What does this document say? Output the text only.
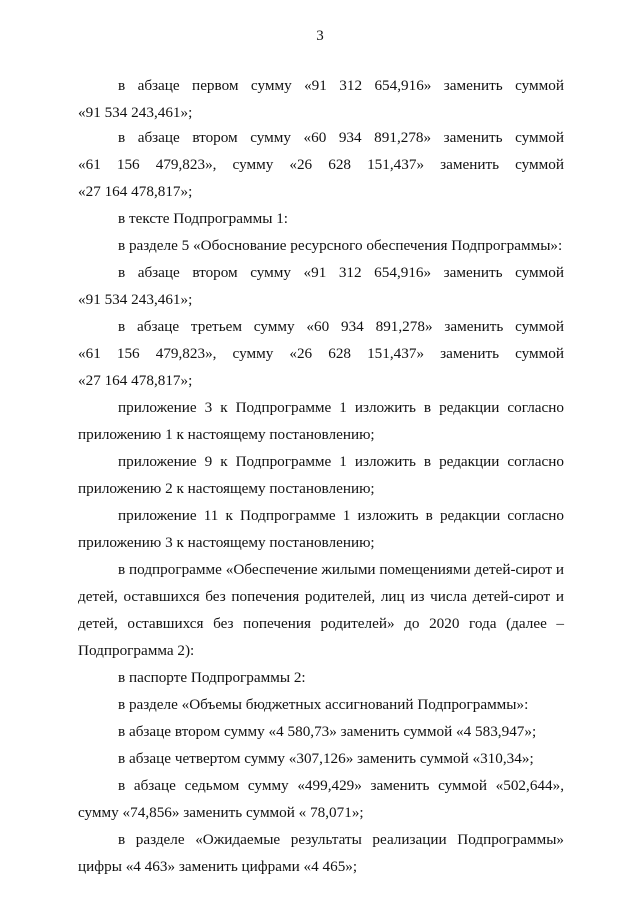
3
в абзаце первом сумму «91 312 654,916» заменить суммой
«91 534 243,461»;
в абзаце втором сумму «60 934 891,278» заменить суммой
«61 156 479,823», сумму «26 628 151,437» заменить суммой
«27 164 478,817»;
в тексте Подпрограммы 1:
в разделе 5 «Обоснование ресурсного обеспечения Подпрограммы»:
в абзаце втором сумму «91 312 654,916» заменить суммой
«91 534 243,461»;
в абзаце третьем сумму «60 934 891,278» заменить суммой
«61 156 479,823», сумму «26 628 151,437» заменить суммой
«27 164 478,817»;
приложение 3 к Подпрограмме 1 изложить в редакции согласно
приложению 1 к настоящему постановлению;
приложение 9 к Подпрограмме 1 изложить в редакции согласно
приложению 2 к настоящему постановлению;
приложение 11 к Подпрограмме 1 изложить в редакции согласно
приложению 3 к настоящему постановлению;
в подпрограмме «Обеспечение жилыми помещениями детей-сирот и
детей, оставшихся без попечения родителей, лиц из числа детей-сирот и
детей, оставшихся без попечения родителей» до 2020 года (далее –
Подпрограмма 2):
в паспорте Подпрограммы 2:
в разделе «Объемы бюджетных ассигнований Подпрограммы»:
в абзаце втором сумму «4 580,73» заменить суммой «4 583,947»;
в абзаце четвертом сумму «307,126» заменить суммой «310,34»;
в абзаце седьмом сумму «499,429» заменить суммой «502,644»,
сумму «74,856» заменить суммой « 78,071»;
в разделе «Ожидаемые результаты реализации Подпрограммы»
цифры «4 463» заменить цифрами «4 465»;
